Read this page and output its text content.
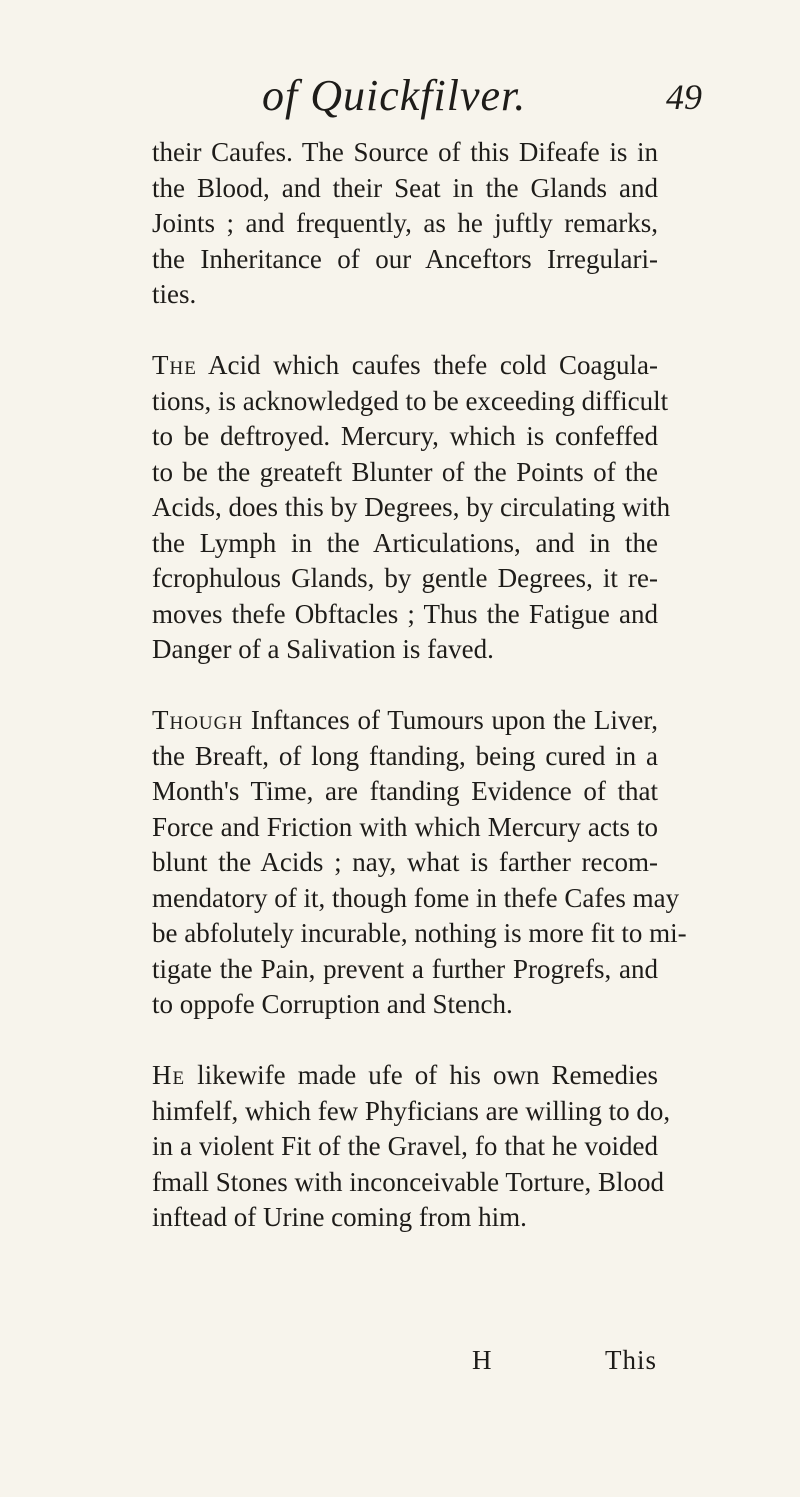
of Quickfilver.	49
their Caufes. The Source of this Difeafe is in
the Blood, and their Seat in the Glands and
Joints ; and frequently, as he juftly remarks,
the Inheritance of our Anceftors Irregulari-
ties.
The Acid which caufes thefe cold Coagula-
tions, is acknowledged to be exceeding difficult
to be deftroyed. Mercury, which is confeffed
to be the greateft Blunter of the Points of the
Acids, does this by Degrees, by circulating with
the Lymph in the Articulations, and in the
fcrophulous Glands, by gentle Degrees, it re-
moves thefe Obftacles ; Thus the Fatigue and
Danger of a Salivation is faved.
Though Inftances of Tumours upon the Liver,
the Breaft, of long ftanding, being cured in a
Month's Time, are ftanding Evidence of that
Force and Friction with which Mercury acts to
blunt the Acids ; nay, what is farther recom-
mendatory of it, though fome in thefe Cafes may
be abfolutely incurable, nothing is more fit to mi-
tigate the Pain, prevent a further Progrefs, and
to oppofe Corruption and Stench.
He likewife made ufe of his own Remedies
himfelf, which few Phyficians are willing to do,
in a violent Fit of the Gravel, fo that he voided
fmall Stones with inconceivable Torture, Blood
inftead of Urine coming from him.
H	This
